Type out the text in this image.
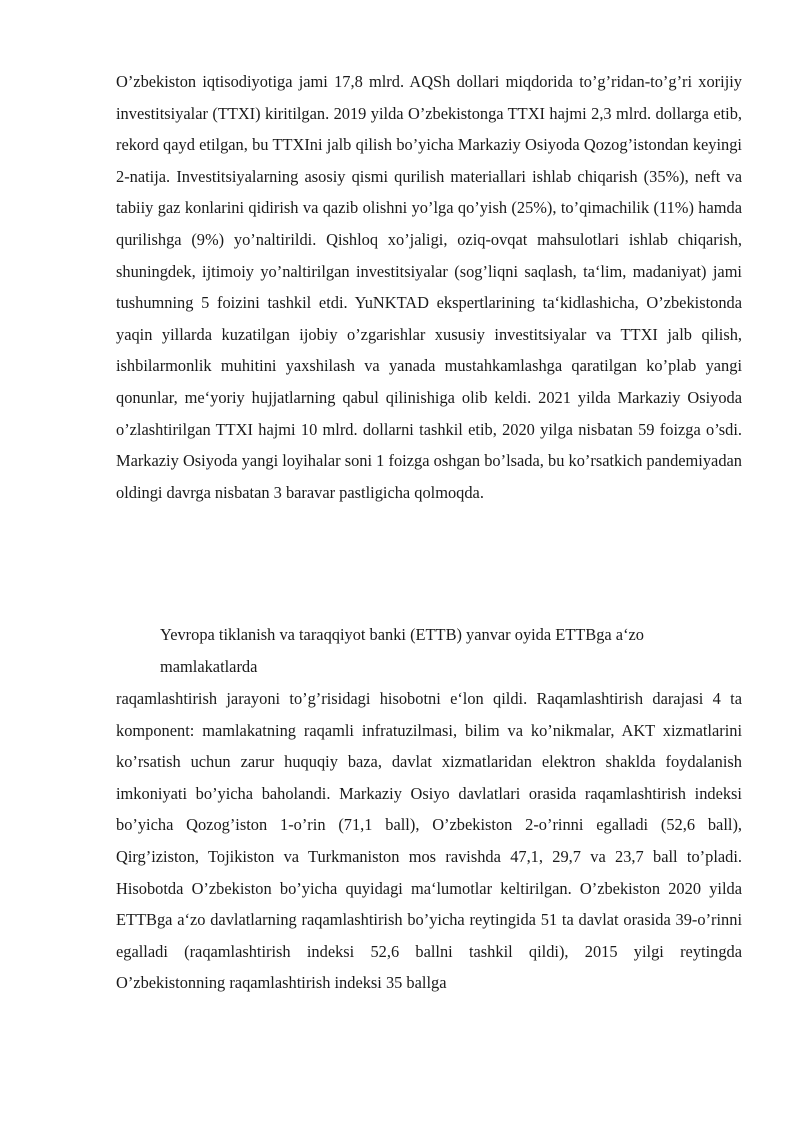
O’zbekiston iqtisodiyotiga jami 17,8 mlrd. AQSh dollari miqdorida to’g’ridan-to’g’ri xorijiy investitsiyalar (TTXI) kiritilgan. 2019 yilda O’zbekistonga TTXI hajmi 2,3 mlrd. dollarga etib, rekord qayd etilgan, bu TTXIni jalb qilish bo’yicha Markaziy Osiyoda Qozog’istondan keyingi 2-natija. Investitsiyalarning asosiy qismi qurilish materiallari ishlab chiqarish (35%), neft va tabiiy gaz konlarini qidirish va qazib olishni yo’lga qo’yish (25%), to’qimachilik (11%) hamda qurilishga (9%) yo’naltirildi. Qishloq xo’jaligi, oziq-ovqat mahsulotlari ishlab chiqarish, shuningdek, ijtimoiy yo’naltirilgan investitsiyalar (sog’liqni saqlash, ta‘lim, madaniyat) jami tushumning 5 foizini tashkil etdi. YuNKTAD ekspertlarining ta‘kidlashicha, O’zbekistonda yaqin yillarda kuzatilgan ijobiy o’zgarishlar xususiy investitsiyalar va TTXI jalb qilish, ishbilarmonlik muhitini yaxshilash va yanada mustahkamlashga qaratilgan ko’plab yangi qonunlar, me‘yoriy hujjatlarning qabul qilinishiga olib keldi. 2021 yilda Markaziy Osiyoda o’zlashtirilgan TTXI hajmi 10 mlrd. dollarni tashkil etib, 2020 yilga nisbatan 59 foizga o’sdi. Markaziy Osiyoda yangi loyihalar soni 1 foizga oshgan bo’lsada, bu ko’rsatkich pandemiyadan oldingi davrga nisbatan 3 baravar pastligicha qolmoqda.

Yevropa tiklanish va taraqqiyot banki (ETTB) yanvar oyida ETTBga a‘zo mamlakatlarda

raqamlashtirish jarayoni to’g’risidagi hisobotni e‘lon qildi. Raqamlashtirish darajasi 4 ta komponent: mamlakatning raqamli infratuzilmasi, bilim va ko’nikmalar, AKT xizmatlarini ko’rsatish uchun zarur huquqiy baza, davlat xizmatlaridan elektron shaklda foydalanish imkoniyati bo’yicha baholandi. Markaziy Osiyo davlatlari orasida raqamlashtirish indeksi bo’yicha Qozog’iston 1-o’rin (71,1 ball), O’zbekiston 2-o’rinni egalladi (52,6 ball), Qirg’iziston, Tojikiston va Turkmaniston mos ravishda 47,1, 29,7 va 23,7 ball to’pladi. Hisobotda O’zbekiston bo’yicha quyidagi ma‘lumotlar keltirilgan. O’zbekiston 2020 yilda ETTBga a‘zo davlatlarning raqamlashtirish bo’yicha reytingida 51 ta davlat orasida 39-o’rinni egalladi (raqamlashtirish indeksi 52,6 ballni tashkil qildi), 2015 yilgi reytingda O’zbekistonning raqamlashtirish indeksi 35 ballga
